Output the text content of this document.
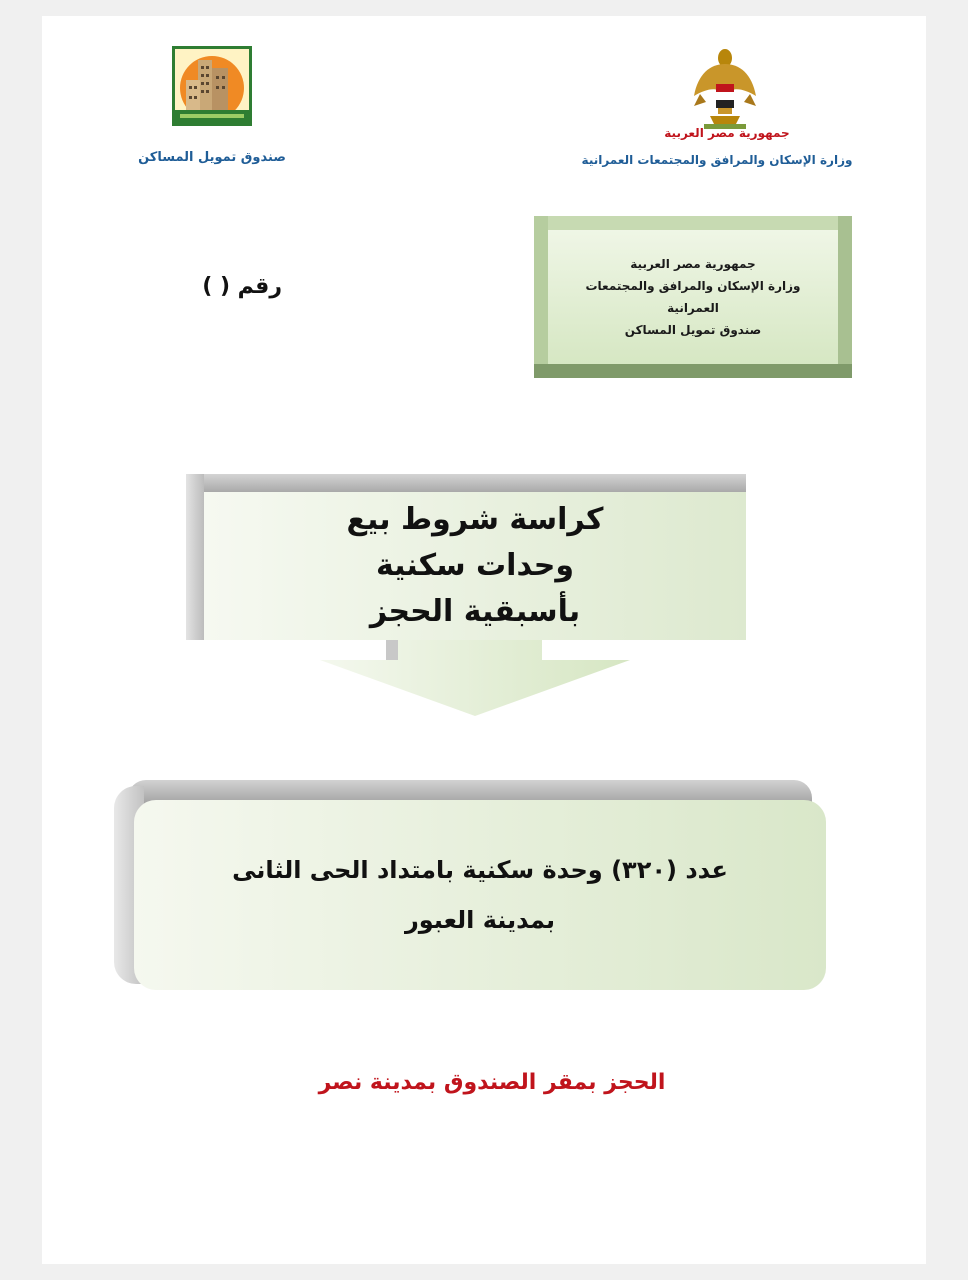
صندوق تمويل المساكن
جمهورية مصر العربية
وزارة الإسكان والمرافق والمجتمعات العمرانية
جمهورية مصر العربية
وزارة الإسكان والمرافق والمجتمعات
العمرانية
صندوق تمويل المساكن
رقم ( )
كراسة شروط بيع
وحدات سكنية
بأسبقية الحجز
عدد (٣٢٠) وحدة سكنية بامتداد الحى الثانى
بمدينة العبور
الحجز بمقر الصندوق بمدينة نصر
